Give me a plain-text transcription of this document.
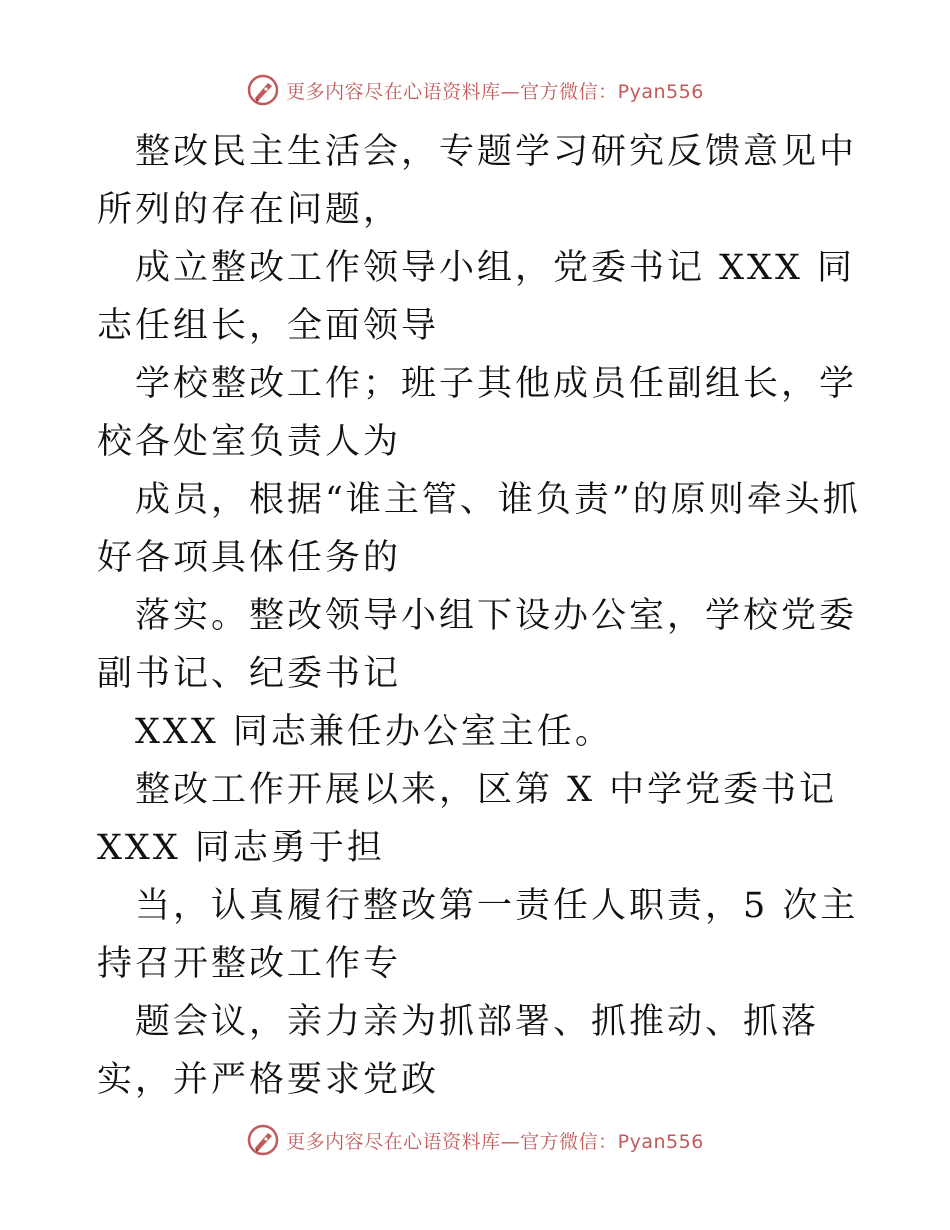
更多内容尽在心语资料库—官方微信：Pyan556

整改民主生活会，专题学习研究反馈意见中所列的存在问题，

成立整改工作领导小组，党委书记 XXX 同志任组长，全面领导

学校整改工作；班子其他成员任副组长，学校各处室负责人为

成员，根据“谁主管、谁负责”的原则牵头抓好各项具体任务的

落实。整改领导小组下设办公室，学校党委副书记、纪委书记

XXX 同志兼任办公室主任。

整改工作开展以来，区第 X 中学党委书记 XXX 同志勇于担

当，认真履行整改第一责任人职责，5 次主持召开整改工作专

题会议，亲力亲为抓部署、抓推动、抓落实，并严格要求党政

更多内容尽在心语资料库—官方微信：Pyan556
